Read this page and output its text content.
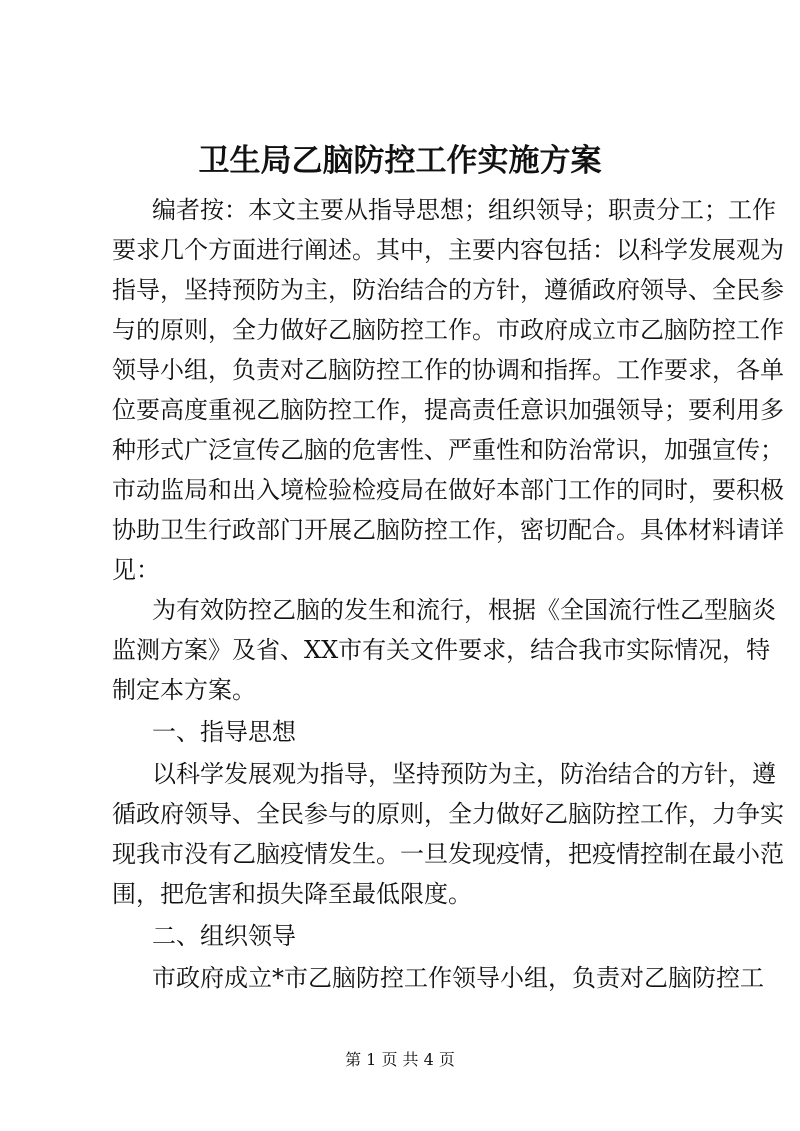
卫生局乙脑防控工作实施方案
编者按：本文主要从指导思想；组织领导；职责分工；工作
要求几个方面进行阐述。其中，主要内容包括：以科学发展观为
指导，坚持预防为主，防治结合的方针，遵循政府领导、全民参
与的原则，全力做好乙脑防控工作。市政府成立市乙脑防控工作
领导小组，负责对乙脑防控工作的协调和指挥。工作要求，各单
位要高度重视乙脑防控工作，提高责任意识加强领导；要利用多
种形式广泛宣传乙脑的危害性、严重性和防治常识，加强宣传；
市动监局和出入境检验检疫局在做好本部门工作的同时，要积极
协助卫生行政部门开展乙脑防控工作，密切配合。具体材料请详
见：
为有效防控乙脑的发生和流行，根据《全国流行性乙型脑炎
监测方案》及省、XX市有关文件要求，结合我市实际情况，特
制定本方案。
一、指导思想
以科学发展观为指导，坚持预防为主，防治结合的方针，遵
循政府领导、全民参与的原则，全力做好乙脑防控工作，力争实
现我市没有乙脑疫情发生。一旦发现疫情，把疫情控制在最小范
围，把危害和损失降至最低限度。
二、组织领导
市政府成立*市乙脑防控工作领导小组，负责对乙脑防控工
第 1 页 共 4 页
